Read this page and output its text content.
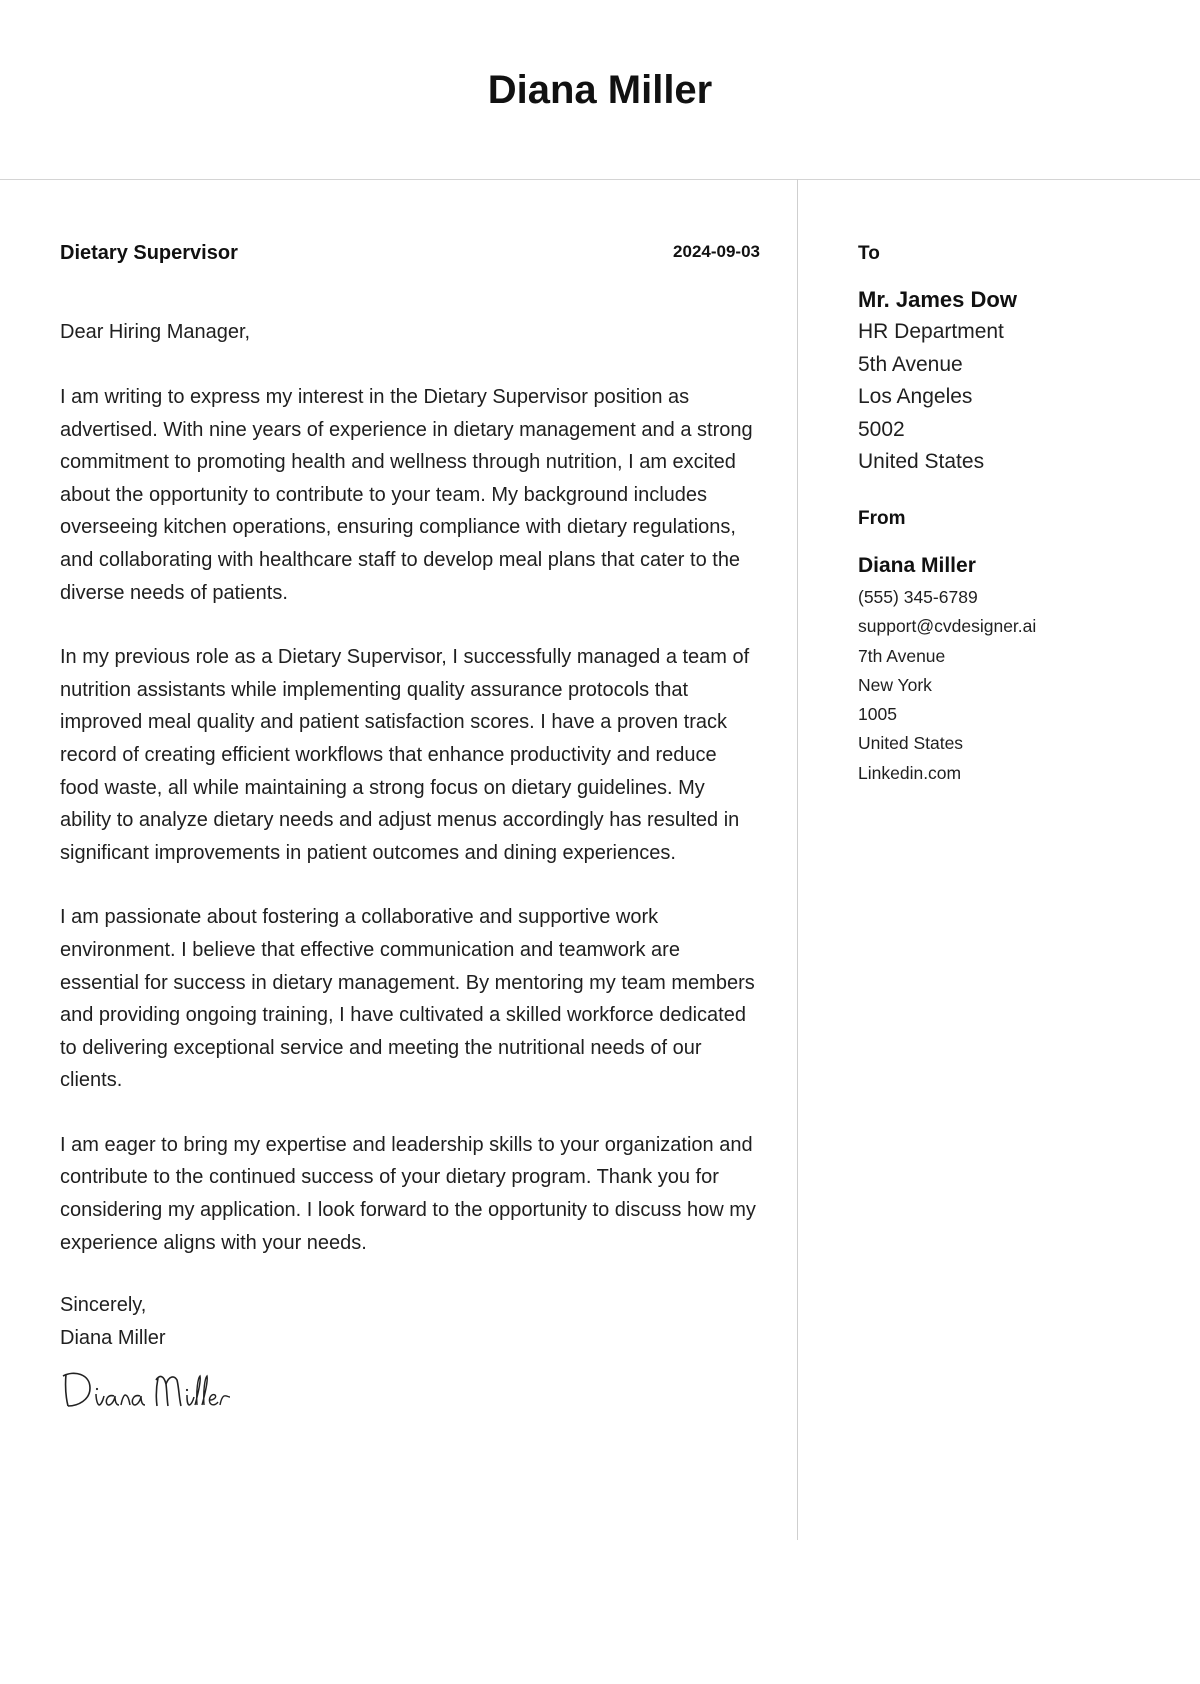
Diana Miller
Dietary Supervisor	2024-09-03
Dear Hiring Manager,
I am writing to express my interest in the Dietary Supervisor position as advertised. With nine years of experience in dietary management and a strong commitment to promoting health and wellness through nutrition, I am excited about the opportunity to contribute to your team. My background includes overseeing kitchen operations, ensuring compliance with dietary regulations, and collaborating with healthcare staff to develop meal plans that cater to the diverse needs of patients.
In my previous role as a Dietary Supervisor, I successfully managed a team of nutrition assistants while implementing quality assurance protocols that improved meal quality and patient satisfaction scores. I have a proven track record of creating efficient workflows that enhance productivity and reduce food waste, all while maintaining a strong focus on dietary guidelines. My ability to analyze dietary needs and adjust menus accordingly has resulted in significant improvements in patient outcomes and dining experiences.
I am passionate about fostering a collaborative and supportive work environment. I believe that effective communication and teamwork are essential for success in dietary management. By mentoring my team members and providing ongoing training, I have cultivated a skilled workforce dedicated to delivering exceptional service and meeting the nutritional needs of our clients.
I am eager to bring my expertise and leadership skills to your organization and contribute to the continued success of your dietary program. Thank you for considering my application. I look forward to the opportunity to discuss how my experience aligns with your needs.
Sincerely,
Diana Miller
To
Mr. James Dow
HR Department
5th Avenue
Los Angeles
5002
United States
From
Diana Miller
(555) 345-6789
support@cvdesigner.ai
7th Avenue
New York
1005
United States
Linkedin.com
